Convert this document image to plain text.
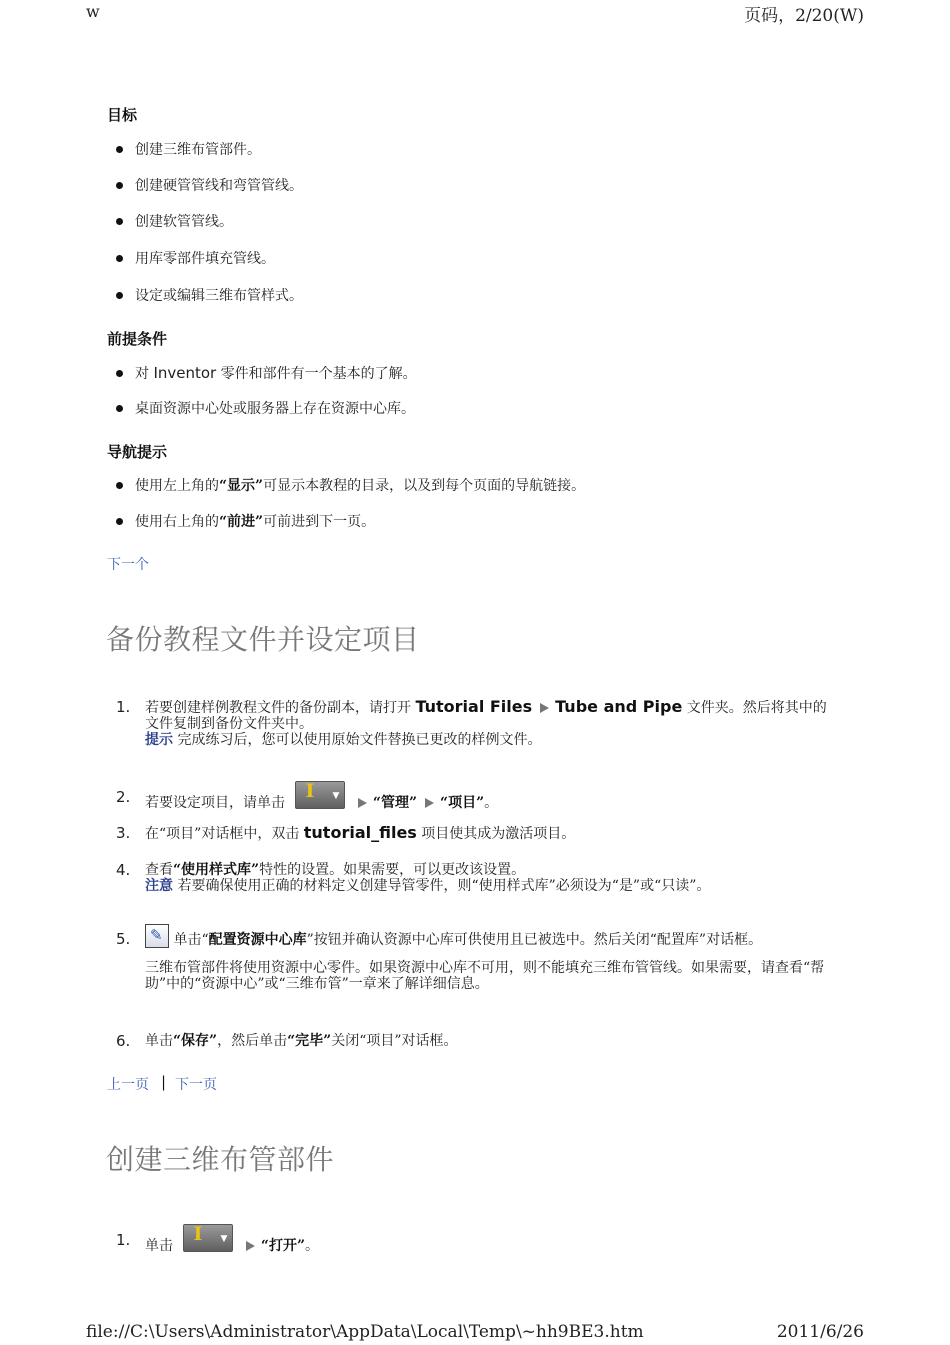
w	页码，2/20(W)
目标
创建三维布管部件。
创建硬管管线和弯管管线。
创建软管管线。
用库零部件填充管线。
设定或编辑三维布管样式。
前提条件
对 Inventor 零件和部件有一个基本的了解。
桌面资源中心处或服务器上存在资源中心库。
导航提示
使用左上角的“显示”可显示本教程的目录，以及到每个页面的导航链接。
使用右上角的“前进”可前进到下一页。
下一个
备份教程文件并设定项目
1. 若要创建样例教程文件的备份副本，请打开 Tutorial Files Tube and Pipe 文件夹。然后将其中的文件复制到备份文件夹中。
提示 完成练习后，您可以使用原始文件替换已更改的样例文件。
2. 若要设定项目，请单击
I ▼ “管理” “项目”。
3. 在“项目”对话框中，双击 tutorial_files 项目使其成为激活项目。
4. 查看“使用样式库”特性的设置。如果需要，可以更改该设置。
注意 若要确保使用正确的材料定义创建导管零件，则“使用样式库”必须设为“是”或“只读”。
5. ✎ 单击“配置资源中心库”按钮并确认资源中心库可供使用且已被选中。然后关闭“配置库”对话框。
三维布管部件将使用资源中心零件。如果资源中心库不可用，则不能填充三维布管管线。如果需要，请查看“帮助”中的“资源中心”或“三维布管”一章来了解详细信息。
6. 单击“保存”，然后单击“完毕”关闭“项目”对话框。
上一页 | 下一页
创建三维布管部件
1. 单击
I ▼ “打开”。
file://C:\Users\Administrator\AppData\Local\Temp\~hh9BE3.htm	2011/6/26
